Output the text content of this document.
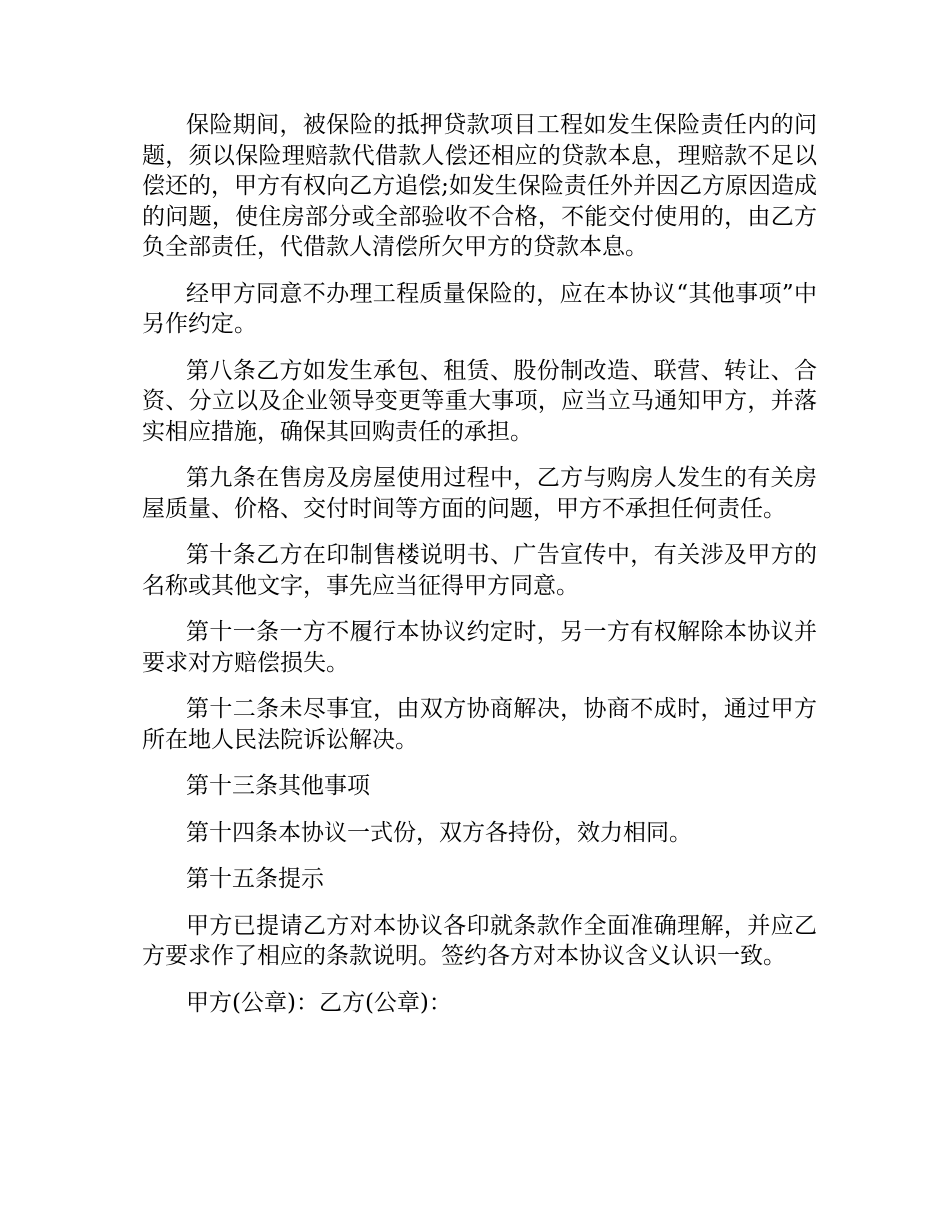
保险期间，被保险的抵押贷款项目工程如发生保险责任内的问题，须以保险理赔款代借款人偿还相应的贷款本息，理赔款不足以偿还的，甲方有权向乙方追偿;如发生保险责任外并因乙方原因造成的问题，使住房部分或全部验收不合格，不能交付使用的，由乙方负全部责任，代借款人清偿所欠甲方的贷款本息。

经甲方同意不办理工程质量保险的，应在本协议“其他事项”中另作约定。

第八条乙方如发生承包、租赁、股份制改造、联营、转让、合资、分立以及企业领导变更等重大事项，应当立马通知甲方，并落实相应措施，确保其回购责任的承担。

第九条在售房及房屋使用过程中，乙方与购房人发生的有关房屋质量、价格、交付时间等方面的问题，甲方不承担任何责任。

第十条乙方在印制售楼说明书、广告宣传中，有关涉及甲方的名称或其他文字，事先应当征得甲方同意。

第十一条一方不履行本协议约定时，另一方有权解除本协议并要求对方赔偿损失。

第十二条未尽事宜，由双方协商解决，协商不成时，通过甲方所在地人民法院诉讼解决。

第十三条其他事项

第十四条本协议一式份，双方各持份，效力相同。

第十五条提示

甲方已提请乙方对本协议各印就条款作全面准确理解，并应乙方要求作了相应的条款说明。签约各方对本协议含义认识一致。

甲方(公章)：乙方(公章)：
